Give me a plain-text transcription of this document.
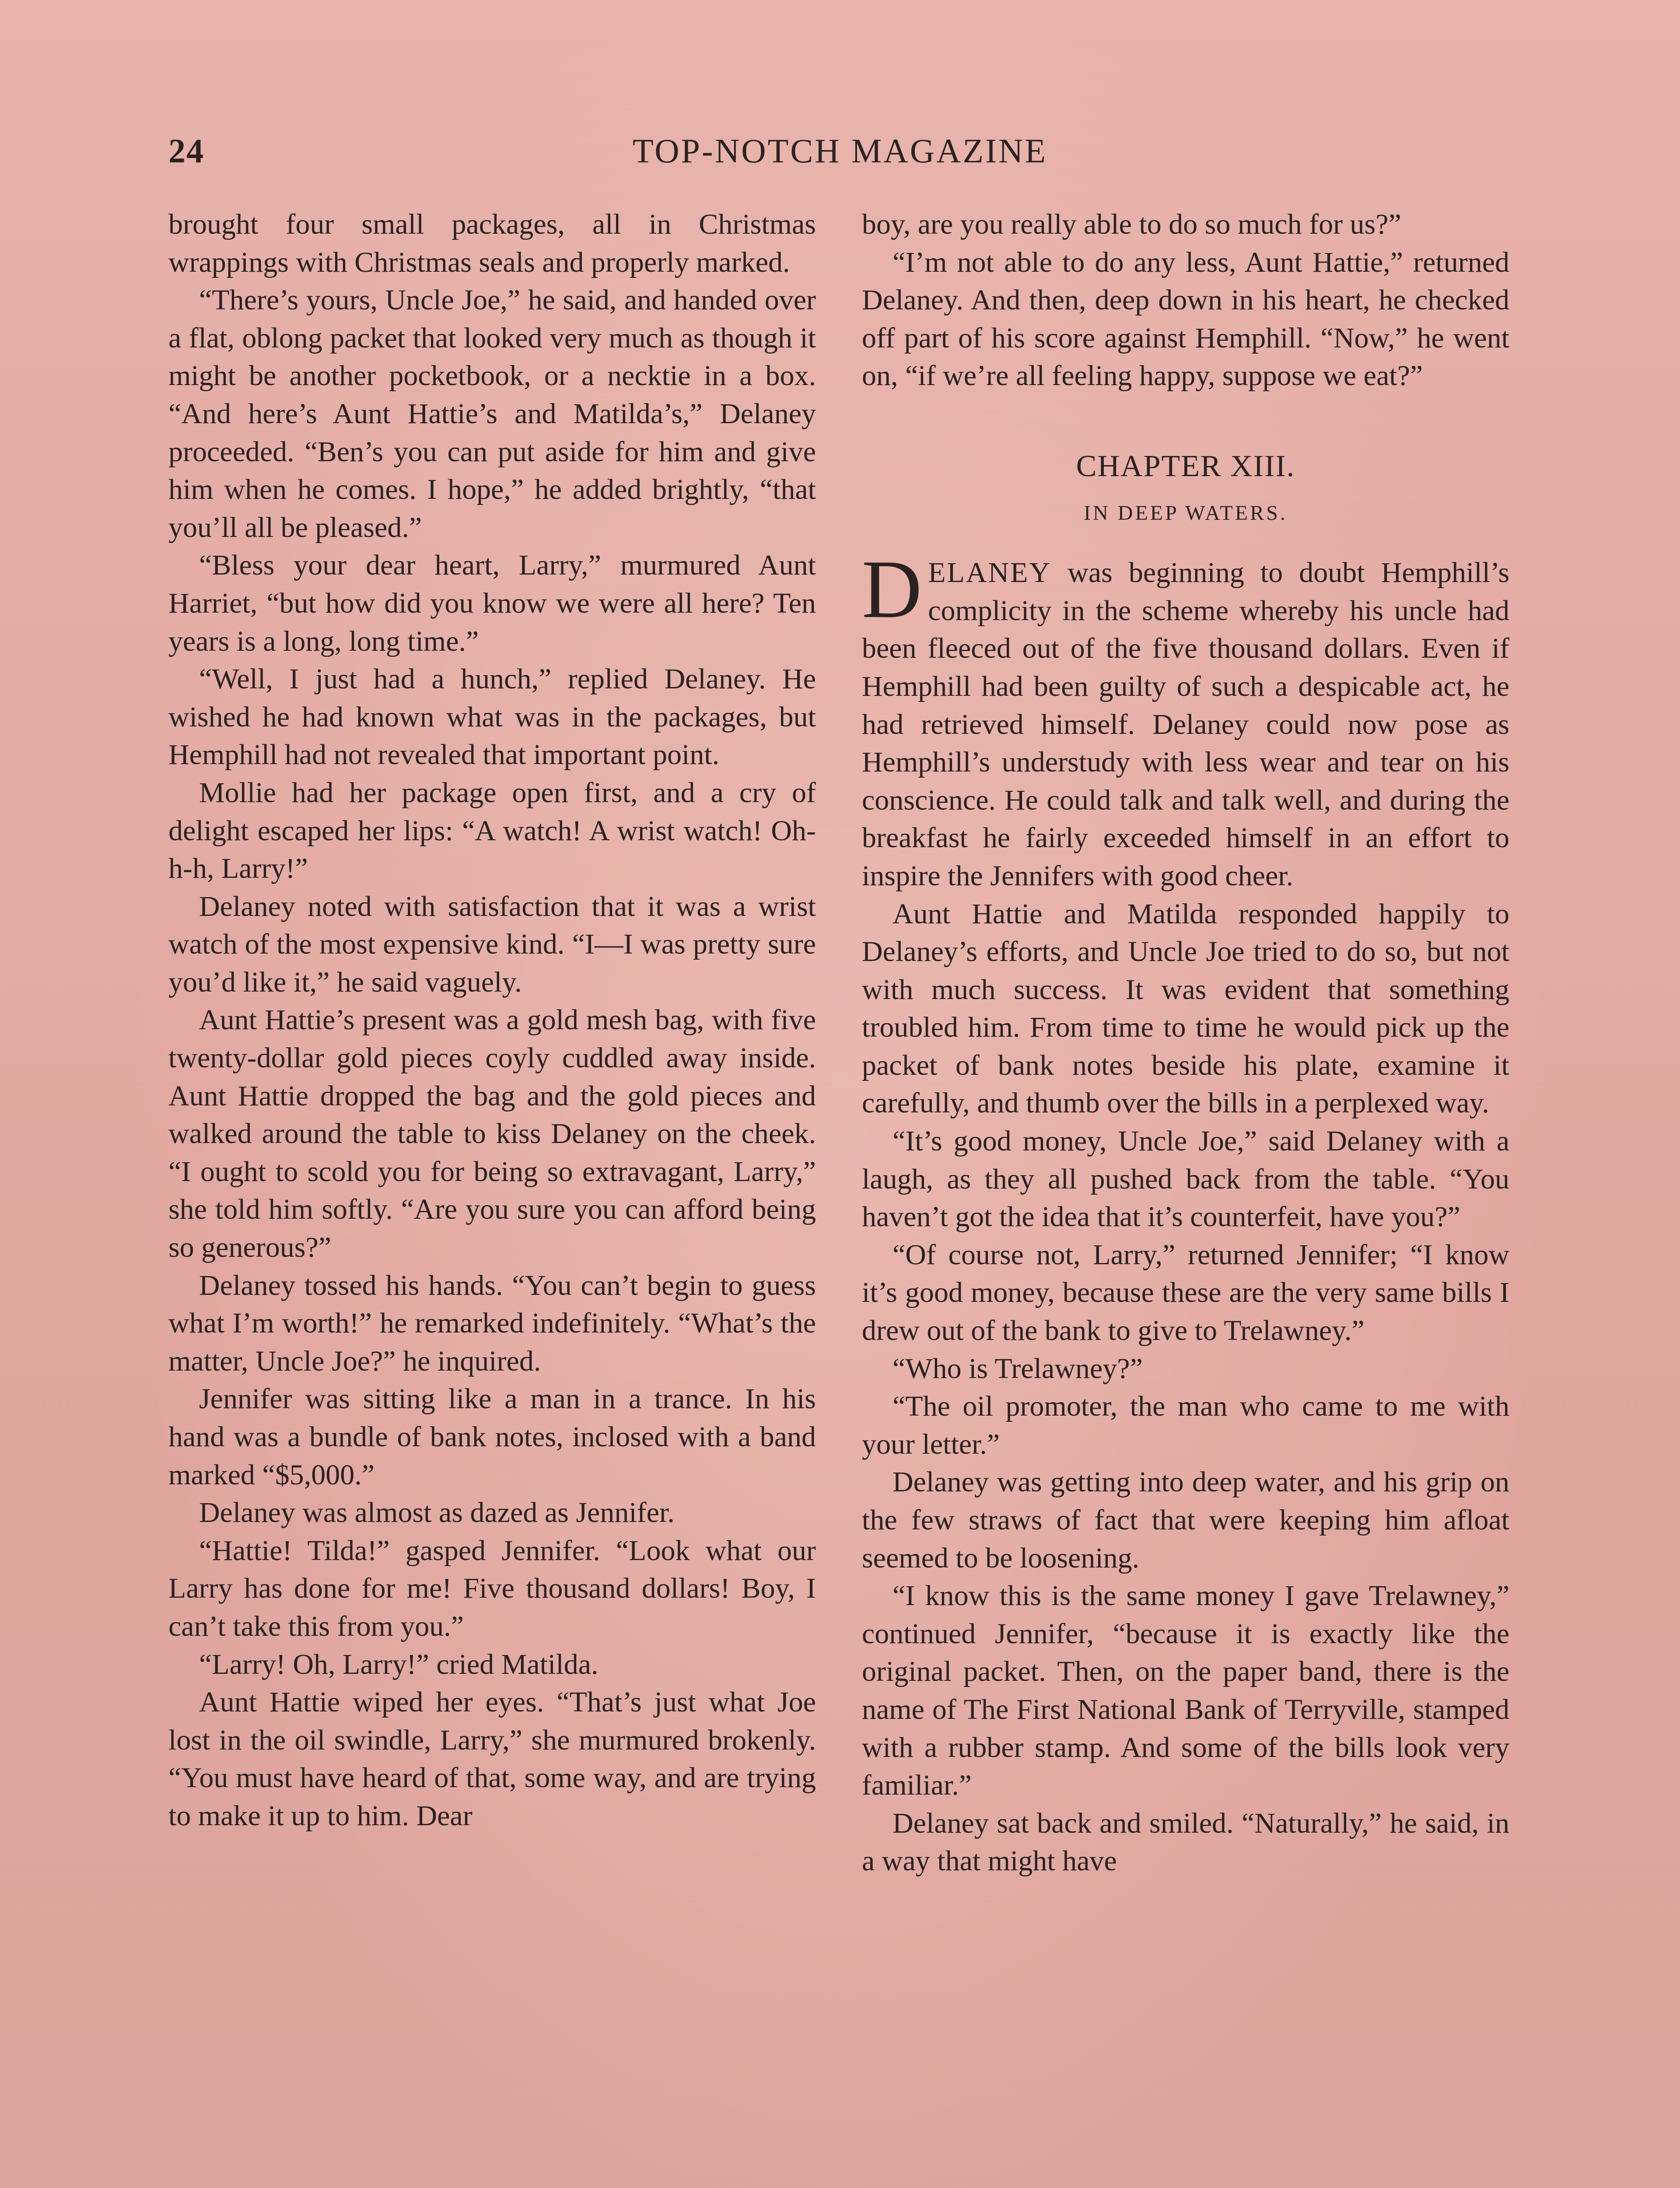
24	TOP-NOTCH MAGAZINE

brought four small packages, all in Christmas wrappings with Christmas seals and properly marked.

“There’s yours, Uncle Joe,” he said, and handed over a flat, oblong packet that looked very much as though it might be another pocketbook, or a necktie in a box. “And here’s Aunt Hattie’s and Matilda’s,” Delaney proceeded. “Ben’s you can put aside for him and give him when he comes. I hope,” he added brightly, “that you’ll all be pleased.”

“Bless your dear heart, Larry,” murmured Aunt Harriet, “but how did you know we were all here? Ten years is a long, long time.”

“Well, I just had a hunch,” replied Delaney. He wished he had known what was in the packages, but Hemphill had not revealed that important point.

Mollie had her package open first, and a cry of delight escaped her lips: “A watch! A wrist watch! Oh-h-h, Larry!”

Delaney noted with satisfaction that it was a wrist watch of the most expensive kind. “I—I was pretty sure you’d like it,” he said vaguely.

Aunt Hattie’s present was a gold mesh bag, with five twenty-dollar gold pieces coyly cuddled away inside. Aunt Hattie dropped the bag and the gold pieces and walked around the table to kiss Delaney on the cheek. “I ought to scold you for being so extravagant, Larry,” she told him softly. “Are you sure you can afford being so generous?”

Delaney tossed his hands. “You can’t begin to guess what I’m worth!” he remarked indefinitely. “What’s the matter, Uncle Joe?” he inquired.

Jennifer was sitting like a man in a trance. In his hand was a bundle of bank notes, inclosed with a band marked “$5,000.”

Delaney was almost as dazed as Jennifer.

“Hattie! Tilda!” gasped Jennifer. “Look what our Larry has done for me! Five thousand dollars! Boy, I can’t take this from you.”

“Larry! Oh, Larry!” cried Matilda.

Aunt Hattie wiped her eyes. “That’s just what Joe lost in the oil swindle, Larry,” she murmured brokenly. “You must have heard of that, some way, and are trying to make it up to him. Dear

boy, are you really able to do so much for us?”

“I’m not able to do any less, Aunt Hattie,” returned Delaney. And then, deep down in his heart, he checked off part of his score against Hemphill. “Now,” he went on, “if we’re all feeling happy, suppose we eat?”

CHAPTER XIII.
IN DEEP WATERS.

DELANEY was beginning to doubt Hemphill’s complicity in the scheme whereby his uncle had been fleeced out of the five thousand dollars. Even if Hemphill had been guilty of such a despicable act, he had retrieved himself. Delaney could now pose as Hemphill’s understudy with less wear and tear on his conscience. He could talk and talk well, and during the breakfast he fairly exceeded himself in an effort to inspire the Jennifers with good cheer.

Aunt Hattie and Matilda responded happily to Delaney’s efforts, and Uncle Joe tried to do so, but not with much success. It was evident that something troubled him. From time to time he would pick up the packet of bank notes beside his plate, examine it carefully, and thumb over the bills in a perplexed way.

“It’s good money, Uncle Joe,” said Delaney with a laugh, as they all pushed back from the table. “You haven’t got the idea that it’s counterfeit, have you?”

“Of course not, Larry,” returned Jennifer; “I know it’s good money, because these are the very same bills I drew out of the bank to give to Trelawney.”

“Who is Trelawney?”

“The oil promoter, the man who came to me with your letter.”

Delaney was getting into deep water, and his grip on the few straws of fact that were keeping him afloat seemed to be loosening.

“I know this is the same money I gave Trelawney,” continued Jennifer, “because it is exactly like the original packet. Then, on the paper band, there is the name of The First National Bank of Terryville, stamped with a rubber stamp. And some of the bills look very familiar.”

Delaney sat back and smiled. “Naturally,” he said, in a way that might have
